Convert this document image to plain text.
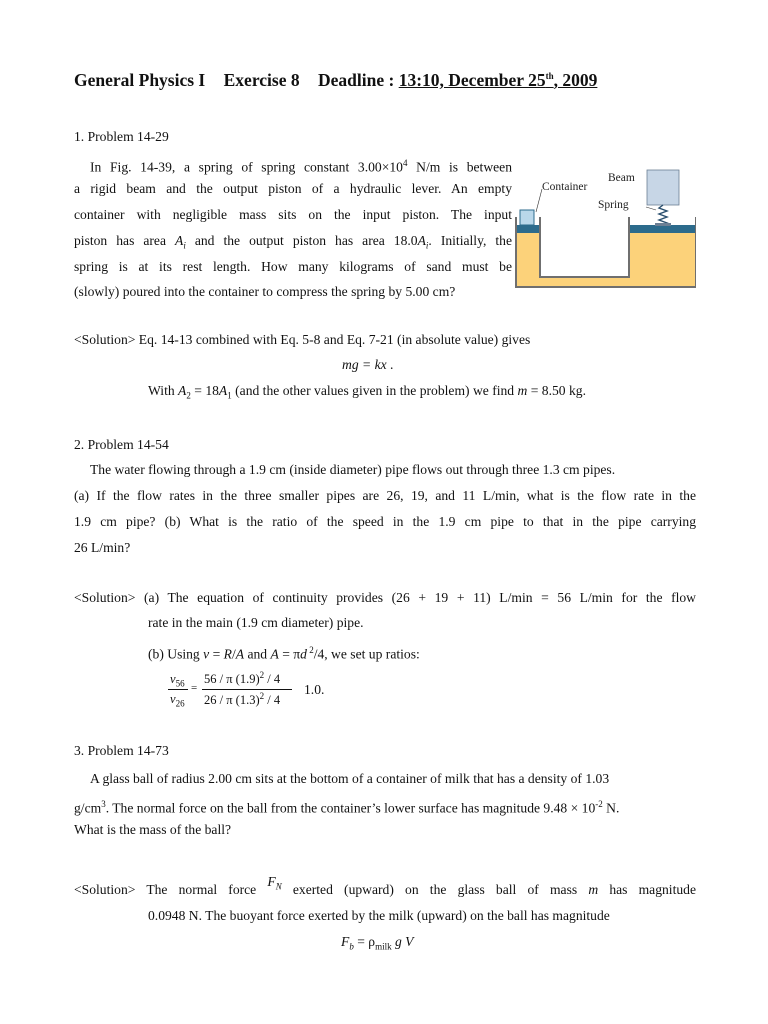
General Physics I Exercise 8 Deadline : 13:10, December 25th, 2009
1. Problem 14-29
In Fig. 14-39, a spring of spring constant $3.00\times 10^4$ N/m is between
a rigid beam and the output piston of a hydraulic lever. An empty
container with negligible mass sits on the input piston. The input
piston has area $A_i$ and the output piston has area $18.0A_i$. Initially, the
spring is at its rest length. How many kilograms of sand must be
(slowly) poured into the container to compress the spring by 5.00 cm?
Beam
Container
Spring
<Solution> Eq. 14-13 combined with Eq. 5-8 and Eq. 7-21 (in absolute value) gives
mg = kx .
With $A_2 = 18A_1$ (and the other values given in the problem) we find m = 8.50 kg.
2. Problem 14-54
The water flowing through a 1.9 cm (inside diameter) pipe flows out through three 1.3 cm pipes.
(a) If the flow rates in the three smaller pipes are 26, 19, and 11 L/min, what is the flow rate in the
1.9 cm pipe? (b) What is the ratio of the speed in the 1.9 cm pipe to that in the pipe carrying
26 L/min?
<Solution> (a) The equation of continuity provides (26 + 19 + 11) L/min = 56 L/min for the flow
rate in the main (1.9 cm diameter) pipe.
(b) Using v = R/A and A = πd $^2$/4, we set up ratios:
$v_{56}$
$v_{26}$
=
56 / π $(1.9)^2 / 4$
26 / π $(1.3)^2 / 4$
1.0.
3. Problem 14-73
A glass ball of radius 2.00 cm sits at the bottom of a container of milk that has a density of 1.03
$g/cm^3$. The normal force on the ball from the container’s lower surface has magnitude $9.48 \times 10^{-2}$ N.
What is the mass of the ball?
<Solution> The normal force $F_N$ exerted (upward) on the glass ball of mass m has magnitude
0.0948 N. The buoyant force exerted by the milk (upward) on the ball has magnitude
$F_b = \rho_{milk}$ g V
